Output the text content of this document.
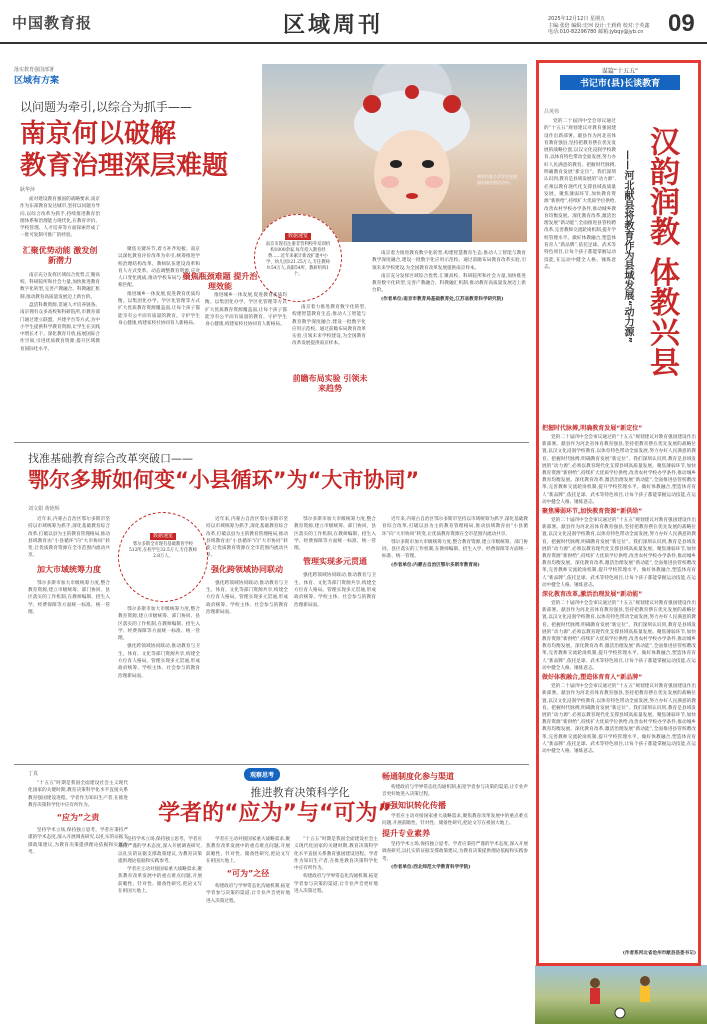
中国教育报	区域周刊	2025年12月12日 星期五
主编:张倍 编辑:史珂 设计:王莉莉 校对:于英鑫
电话:010-82296780 邮箱:jybqy@jyb.cn 09
落实教育强国部署
区域有方案
以问题为牵引,以综合为抓手——
南京何以破解
教育治理深层难题	南京市某小学学生在校园京剧社团活动中。
数据速览
南京市现有注册非营利校外培训机构1000余家,每年投入教育经费……近年来累计新改扩建中小学、幼儿园121.25万人,专任教师9.54万人,高职54所、教研机构1个。
耿华萍

面对建设教育强国的战略要求,南京作为东部教育发达城市,坚持以问题为导向,以综合改革为抓手,持续推进教育治理体系和治理能力现代化,在教育评价、学校管理、人才培养等方面探索形成了一批可复制可推广的经验。

汇聚优势动能 激发创新潜力

南京充分发挥区域综合优势,汇聚高校、科研院所和社会力量,加快推进教育数字化转型,完善产教融合、科教融汇机制,推动教育高质量发展迈上新台阶。

盘活科教资源,贯通人才培养链条。南京拥有众多高校和科研院所,市教育部门通过建立联盟、共建平台等方式,为中小学生提供科学教育资源,让学生在实践中增长才干。深化教育开放,拓展国际合作空间,引进优质教育资源,提升区域教育国际化水平。

聚焦关键环节,着力补齐短板。南京以深化教育评价改革为牵引,统筹推进学校治理结构改革、教师队伍建设改革和育人方式变革。动态调整教育资源,应对人口变化挑战,推动学校布局与人口分布相匹配。

推进城乡一体发展,促进教育优质均衡。以集团化办学、学区化管理等方式扩大优质教育资源覆盖面,让每个孩子都能享有公平而有质量的教育。守护学生身心健康,构建家校社协同育人新格局。

聚焦瓶颈难题 提升治理效能

推进城乡一体发展,促进教育优质均衡。以集团化办学、学区化管理等方式扩大优质教育资源覆盖面,让每个孩子都能享有公平而有质量的教育。守护学生身心健康,构建家校社协同育人新格局。

南京着力推进教育数字化转型,构建智慧教育生态,推动人工智能与教育教学深度融合,建设一批数字化应用示范校。通过前瞻布局教育改革实验,引领未来学校建设,为全国教育改革发展提供南京样本。

前瞻布局实验 引领未来趋势

南京着力推进教育数字化转型,构建智慧教育生态,推动人工智能与教育教学深度融合,建设一批数字化应用示范校。通过前瞻布局教育改革实验,引领未来学校建设,为全国教育改革发展提供南京样本。

南京充分发挥区域综合优势,汇聚高校、科研院所和社会力量,加快推进教育数字化转型,完善产教融合、科教融汇机制,推动教育高质量发展迈上新台阶。

(作者单位:南京市教育局基础教育处,江苏省教育科学研究院)

找准基础教育综合改革突破口——
鄂尔多斯如何变“小县循环”为“大市协同”
刘文娟 黄艳辉

近年来,内蒙古自治区鄂尔多斯市坚持以市域统筹为抓手,深化基础教育综合改革,打破以县为主的教育管理格局,推动县域教育由“小县循环”向“大市协同”转变,让优质教育资源在全市范围内流动共享。

加大市域统筹力度

鄂尔多斯市加大市级统筹力度,整合教育资源,建立市级统筹、部门协同、县区落实的工作机制,在教师编制、招生入学、经费保障等方面统一标准、统一管理。

数据速览
鄂尔多斯全市现有基础教育学校512所,在校学生33.5万人,专任教师2.8万人。

鄂尔多斯市加大市级统筹力度,整合教育资源,建立市级统筹、部门协同、县区落实的工作机制,在教师编制、招生入学、经费保障等方面统一标准、统一管理。

强化跨领域协同联动,推动教育与卫生、体育、文化等部门资源共享,构建全方位育人格局。管理实现多元贯通,形成政府统筹、学校主体、社会参与的教育治理新局面。

近年来,内蒙古自治区鄂尔多斯市坚持以市域统筹为抓手,深化基础教育综合改革,打破以县为主的教育管理格局,推动县域教育由“小县循环”向“大市协同”转变,让优质教育资源在全市范围内流动共享。

强化跨领域协同联动

强化跨领域协同联动,推动教育与卫生、体育、文化等部门资源共享,构建全方位育人格局。管理实现多元贯通,形成政府统筹、学校主体、社会参与的教育治理新局面。

鄂尔多斯市加大市级统筹力度,整合教育资源,建立市级统筹、部门协同、县区落实的工作机制,在教师编制、招生入学、经费保障等方面统一标准、统一管理。

管理实现多元贯通

强化跨领域协同联动,推动教育与卫生、体育、文化等部门资源共享,构建全方位育人格局。管理实现多元贯通,形成政府统筹、学校主体、社会参与的教育治理新局面。

近年来,内蒙古自治区鄂尔多斯市坚持以市域统筹为抓手,深化基础教育综合改革,打破以县为主的教育管理格局,推动县域教育由“小县循环”向“大市协同”转变,让优质教育资源在全市范围内流动共享。

鄂尔多斯市加大市级统筹力度,整合教育资源,建立市级统筹、部门协同、县区落实的工作机制,在教师编制、招生入学、经费保障等方面统一标准、统一管理。

(作者单位:内蒙古自治区鄂尔多斯市教育局)

观察思考
推进教育决策科学化
学者的“应为”与“可为”
丁真

“十五五”时期是我国全面建设社会主义现代化国家的关键时期,教育决策科学化水平直接关系教育强国建设进程。学者作为知识生产者,在推进教育决策科学化中应有所作为。

“应为”之责

坚持学术立场,保持独立思考。学者应秉持严谨的学术态度,深入开展调查研究,以扎实的证据支撑政策建议,为教育决策提供理论依据和实践参考。

坚持学术立场,保持独立思考。学者应秉持严谨的学术态度,深入开展调查研究,以扎实的证据支撑政策建议,为教育决策提供理论依据和实践参考。

学者应主动对接国家重大战略需求,聚焦教育改革发展中的重点难点问题,开展前瞻性、针对性、储备性研究,把论文写在祖国大地上。

学者应主动对接国家重大战略需求,聚焦教育改革发展中的重点难点问题,开展前瞻性、针对性、储备性研究,把论文写在祖国大地上。

“可为”之径

构建政府与学界常态化沟通机制,拓宽学者参与决策的渠道,让专业声音更好地进入决策过程。

“十五五”时期是我国全面建设社会主义现代化国家的关键时期,教育决策科学化水平直接关系教育强国建设进程。学者作为知识生产者,在推进教育决策科学化中应有所作为。

构建政府与学界常态化沟通机制,拓宽学者参与决策的渠道,让专业声音更好地进入决策过程。

畅通制度化参与渠道

构建政府与学界常态化沟通机制,拓宽学者参与决策的渠道,让专业声音更好地进入决策过程。

加强知识转化传播

学者应主动对接国家重大战略需求,聚焦教育改革发展中的重点难点问题,开展前瞻性、针对性、储备性研究,把论文写在祖国大地上。

提升专业素养

坚持学术立场,保持独立思考。学者应秉持严谨的学术态度,深入开展调查研究,以扎实的证据支撑政策建议,为教育决策提供理论依据和实践参考。

(作者单位:西北师范大学教育科学学院)

谋篇“十五五”
书记市(县)长谈教育
汉韵润教 体教兴县
——河北献县将教育作为县域发展“动力源”
吕英伟

党的二十届四中全会审议通过的“十五五”规划建议对教育强国建设作出新部署。献县作为河北省体育教育强县,坚持把教育摆在优先发展的战略位置,以汉文化浸润学校教育,以体育特色带动全面发展,努力办好人民满意的教育。把握时代脉搏,明确教育发展“新定位”。我们深刻认识到,教育是县域发展的“动力源”,必须以教育现代化支撑县域高质量发展。聚焦薄弱环节,加快教育资源“新供给”,持续扩大优质学位供给,改善农村学校办学条件,推动城乡教育均衡发展。深化教育改革,激活治理发展“新动能”,全面推进县管校聘改革,完善教师交流轮岗机制,提升学校管理水平。做好体教融合,塑造体育育人“新品牌”,依托足球、武术等特色项目,让每个孩子都能掌握运动技能,在运动中健全人格、锤炼意志。

把握时代脉搏,明确教育发展“新定位”

党的二十届四中全会审议通过的“十五五”规划建议对教育强国建设作出新部署。献县作为河北省体育教育强县,坚持把教育摆在优先发展的战略位置,以汉文化浸润学校教育,以体育特色带动全面发展,努力办好人民满意的教育。把握时代脉搏,明确教育发展“新定位”。我们深刻认识到,教育是县域发展的“动力源”,必须以教育现代化支撑县域高质量发展。聚焦薄弱环节,加快教育资源“新供给”,持续扩大优质学位供给,改善农村学校办学条件,推动城乡教育均衡发展。深化教育改革,激活治理发展“新动能”,全面推进县管校聘改革,完善教师交流轮岗机制,提升学校管理水平。做好体教融合,塑造体育育人“新品牌”,依托足球、武术等特色项目,让每个孩子都能掌握运动技能,在运动中健全人格、锤炼意志。

聚焦薄弱环节,加快教育资源“新供给”

党的二十届四中全会审议通过的“十五五”规划建议对教育强国建设作出新部署。献县作为河北省体育教育强县,坚持把教育摆在优先发展的战略位置,以汉文化浸润学校教育,以体育特色带动全面发展,努力办好人民满意的教育。把握时代脉搏,明确教育发展“新定位”。我们深刻认识到,教育是县域发展的“动力源”,必须以教育现代化支撑县域高质量发展。聚焦薄弱环节,加快教育资源“新供给”,持续扩大优质学位供给,改善农村学校办学条件,推动城乡教育均衡发展。深化教育改革,激活治理发展“新动能”,全面推进县管校聘改革,完善教师交流轮岗机制,提升学校管理水平。做好体教融合,塑造体育育人“新品牌”,依托足球、武术等特色项目,让每个孩子都能掌握运动技能,在运动中健全人格、锤炼意志。

深化教育改革,激活治理发展“新动能”

党的二十届四中全会审议通过的“十五五”规划建议对教育强国建设作出新部署。献县作为河北省体育教育强县,坚持把教育摆在优先发展的战略位置,以汉文化浸润学校教育,以体育特色带动全面发展,努力办好人民满意的教育。把握时代脉搏,明确教育发展“新定位”。我们深刻认识到,教育是县域发展的“动力源”,必须以教育现代化支撑县域高质量发展。聚焦薄弱环节,加快教育资源“新供给”,持续扩大优质学位供给,改善农村学校办学条件,推动城乡教育均衡发展。深化教育改革,激活治理发展“新动能”,全面推进县管校聘改革,完善教师交流轮岗机制,提升学校管理水平。做好体教融合,塑造体育育人“新品牌”,依托足球、武术等特色项目,让每个孩子都能掌握运动技能,在运动中健全人格、锤炼意志。

做好体教融合,塑造体育育人“新品牌”

党的二十届四中全会审议通过的“十五五”规划建议对教育强国建设作出新部署。献县作为河北省体育教育强县,坚持把教育摆在优先发展的战略位置,以汉文化浸润学校教育,以体育特色带动全面发展,努力办好人民满意的教育。把握时代脉搏,明确教育发展“新定位”。我们深刻认识到,教育是县域发展的“动力源”,必须以教育现代化支撑县域高质量发展。聚焦薄弱环节,加快教育资源“新供给”,持续扩大优质学位供给,改善农村学校办学条件,推动城乡教育均衡发展。深化教育改革,激活治理发展“新动能”,全面推进县管校聘改革,完善教师交流轮岗机制,提升学校管理水平。做好体教融合,塑造体育育人“新品牌”,依托足球、武术等特色项目,让每个孩子都能掌握运动技能,在运动中健全人格、锤炼意志。

(作者系河北省沧州市献县县委书记)
